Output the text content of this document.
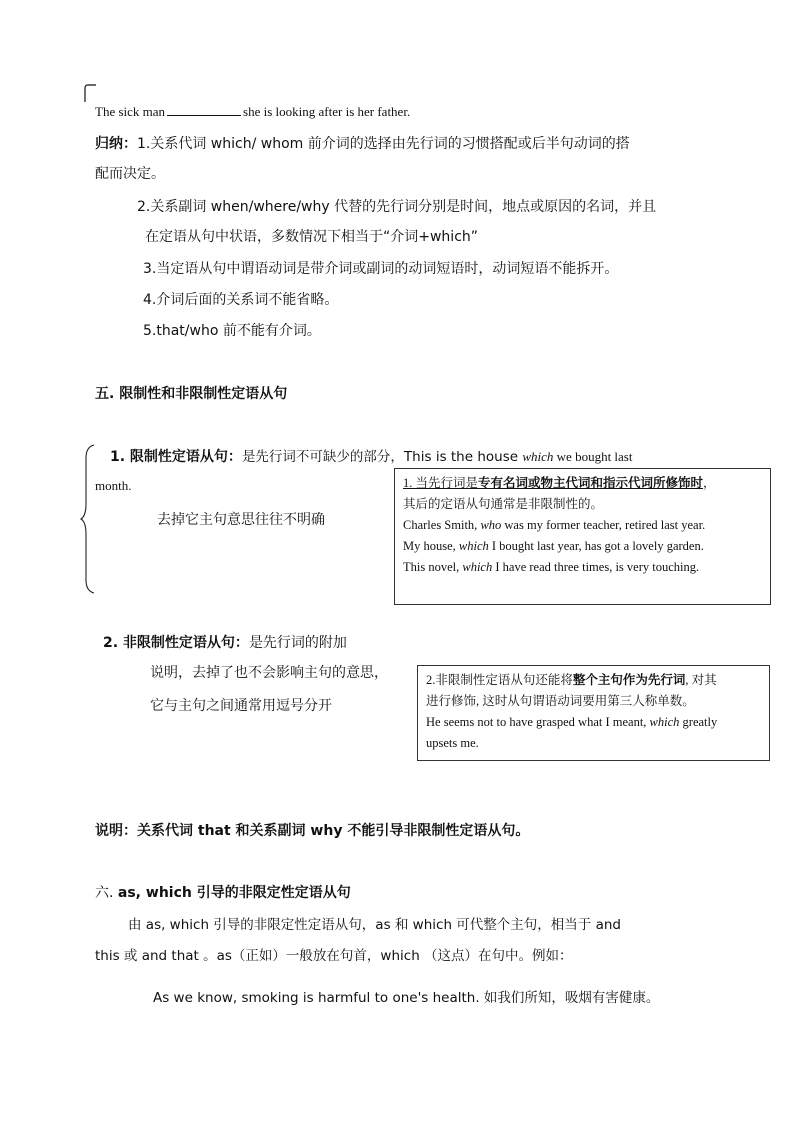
The sick man	she is looking after is her father.
归纳：1.关系代词 which/ whom 前介词的选择由先行词的习惯搭配或后半句动词的搭
配而决定。
2.关系副词 when/where/why 代替的先行词分别是时间，地点或原因的名词，并且
在定语从句中状语，多数情况下相当于“介词+which”
3.当定语从句中谓语动词是带介词或副词的动词短语时，动词短语不能拆开。
4.介词后面的关系词不能省略。
5.that/who 前不能有介词。
五. 限制性和非限制性定语从句
1. 限制性定语从句：是先行词不可缺少的部分，This is the house which we bought last
month.
去掉它主句意思往往不明确
1. 当先行词是专有名词或物主代词和指示代词所修饰时，
其后的定语从句通常是非限制性的。
Charles Smith, who was my former teacher, retired last year.
My house, which I bought last year, has got a lovely garden.
This novel, which I have read three times, is very touching.
2. 非限制性定语从句：是先行词的附加
说明，去掉了也不会影响主句的意思，
它与主句之间通常用逗号分开
2.非限制性定语从句还能将整个主句作为先行词, 对其
进行修饰, 这时从句谓语动词要用第三人称单数。
He seems not to have grasped what I meant, which greatly
upsets me.
说明：关系代词 that 和关系副词 why 不能引导非限制性定语从句。
六. as, which 引导的非限定性定语从句
由 as, which 引导的非限定性定语从句，as 和 which 可代整个主句，相当于 and
this 或 and that 。as（正如）一般放在句首，which （这点）在句中。例如：
As we know, smoking is harmful to one's health. 如我们所知，吸烟有害健康。
